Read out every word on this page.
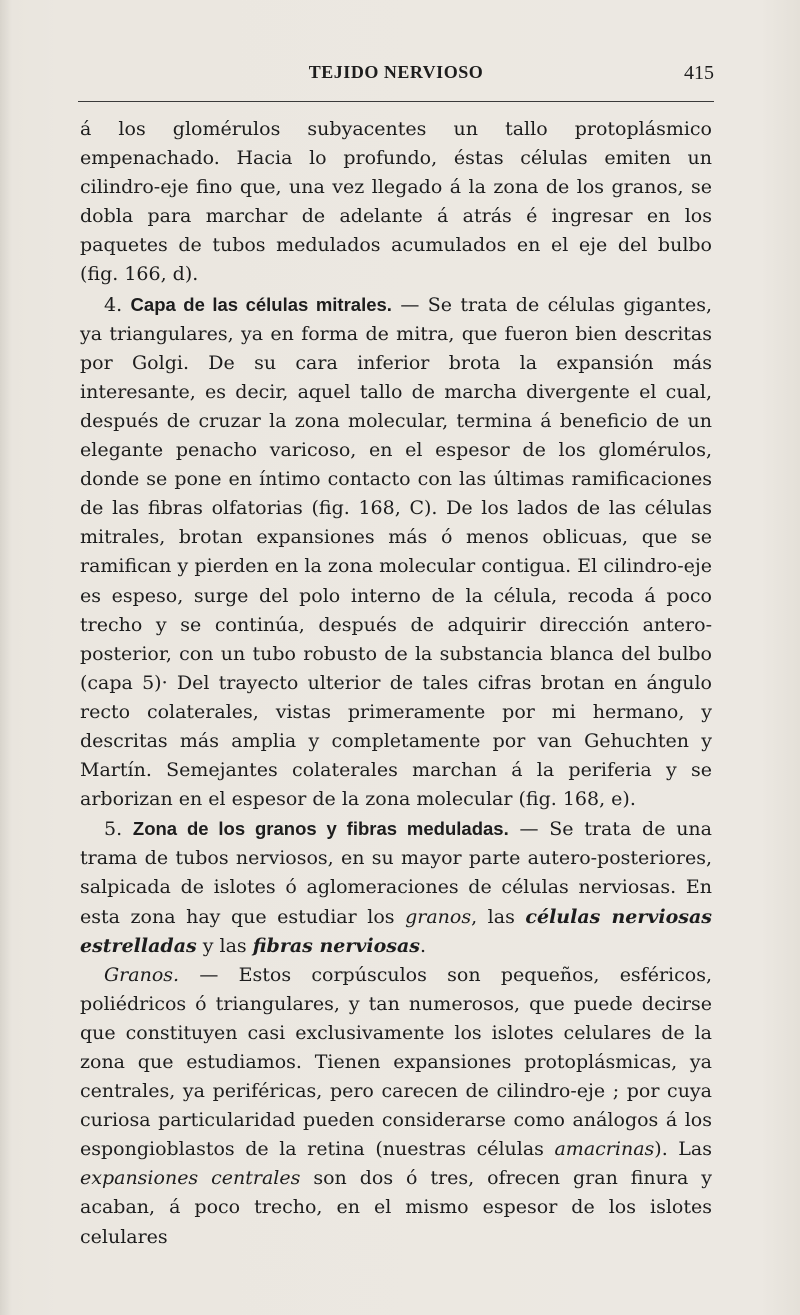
TEJIDO NERVIOSO	415

á los glomérulos subyacentes un tallo protoplásmico empenachado. Hacia lo profundo, éstas células emiten un cilindro-eje fino que, una vez llegado á la zona de los granos, se dobla para marchar de adelante á atrás é ingresar en los paquetes de tubos medulados acumulados en el eje del bulbo (fig. 166, d).

4. Capa de las células mitrales. — Se trata de células gigantes, ya triangulares, ya en forma de mitra, que fueron bien descritas por Golgi. De su cara inferior brota la expansión más interesante, es decir, aquel tallo de marcha divergente el cual, después de cruzar la zona molecular, termina á beneficio de un elegante penacho varicoso, en el espesor de los glomérulos, donde se pone en íntimo contacto con las últimas ramificaciones de las fibras olfatorias (fig. 168, C). De los lados de las células mitrales, brotan expansiones más ó menos oblicuas, que se ramifican y pierden en la zona molecular contigua. El cilindro-eje es espeso, surge del polo interno de la célula, recoda á poco trecho y se continúa, después de adquirir dirección antero-posterior, con un tubo robusto de la substancia blanca del bulbo (capa 5)· Del trayecto ulterior de tales cifras brotan en ángulo recto colaterales, vistas primeramente por mi hermano, y descritas más amplia y completamente por van Gehuchten y Martín. Semejantes colaterales marchan á la periferia y se arborizan en el espesor de la zona molecular (fig. 168, e).

5. Zona de los granos y fibras meduladas. — Se trata de una trama de tubos nerviosos, en su mayor parte autero-posteriores, salpicada de islotes ó aglomeraciones de células nerviosas. En esta zona hay que estudiar los granos, las células nerviosas estrelladas y las fibras nerviosas.

Granos. — Estos corpúsculos son pequeños, esféricos, poliédricos ó triangulares, y tan numerosos, que puede decirse que constituyen casi exclusivamente los islotes celulares de la zona que estudiamos. Tienen expansiones protoplásmicas, ya centrales, ya periféricas, pero carecen de cilindro-eje ; por cuya curiosa particularidad pueden considerarse como análogos á los espongioblastos de la retina (nuestras células amacrinas). Las expansiones centrales son dos ó tres, ofrecen gran finura y acaban, á poco trecho, en el mismo espesor de los islotes celulares
